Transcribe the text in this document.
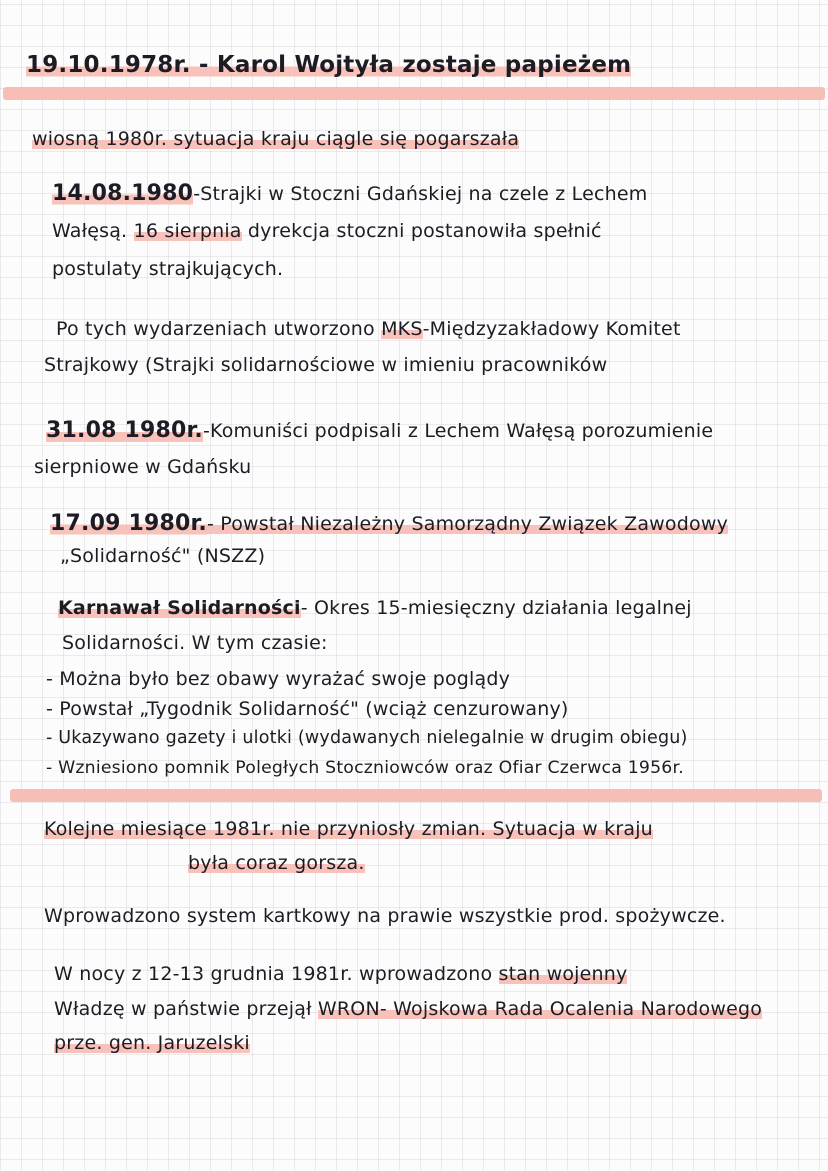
19.10.1978r. - Karol Wojtyła zostaje papieżem
wiosną 1980r. sytuacja kraju ciągle się pogarszała
14.08.1980-Strajki w Stoczni Gdańskiej na czele z Lechem
Wałęsą. 16 sierpnia dyrekcja stoczni postanowiła spełnić
postulaty strajkujących.
Po tych wydarzeniach utworzono MKS-Międzyzakładowy Komitet
Strajkowy (Strajki solidarnościowe w imieniu pracowników
31.08 1980r.-Komuniści podpisali z Lechem Wałęsą porozumienie
sierpniowe w Gdańsku
17.09 1980r.- Powstał Niezależny Samorządny Związek Zawodowy
„Solidarność" (NSZZ)
Karnawał Solidarności- Okres 15-miesięczny działania legalnej
Solidarności. W tym czasie:
- Można było bez obawy wyrażać swoje poglądy
- Powstał „Tygodnik Solidarność" (wciąż cenzurowany)
- Ukazywano gazety i ulotki (wydawanych nielegalnie w drugim obiegu)
- Wzniesiono pomnik Poległych Stoczniowców oraz Ofiar Czerwca 1956r.
Kolejne miesiące 1981r. nie przyniosły zmian. Sytuacja w kraju
była coraz gorsza.
Wprowadzono system kartkowy na prawie wszystkie prod. spożywcze.
W nocy z 12-13 grudnia 1981r. wprowadzono stan wojenny
Władzę w państwie przejął WRON- Wojskowa Rada Ocalenia Narodowego
prze. gen. Jaruzelski
